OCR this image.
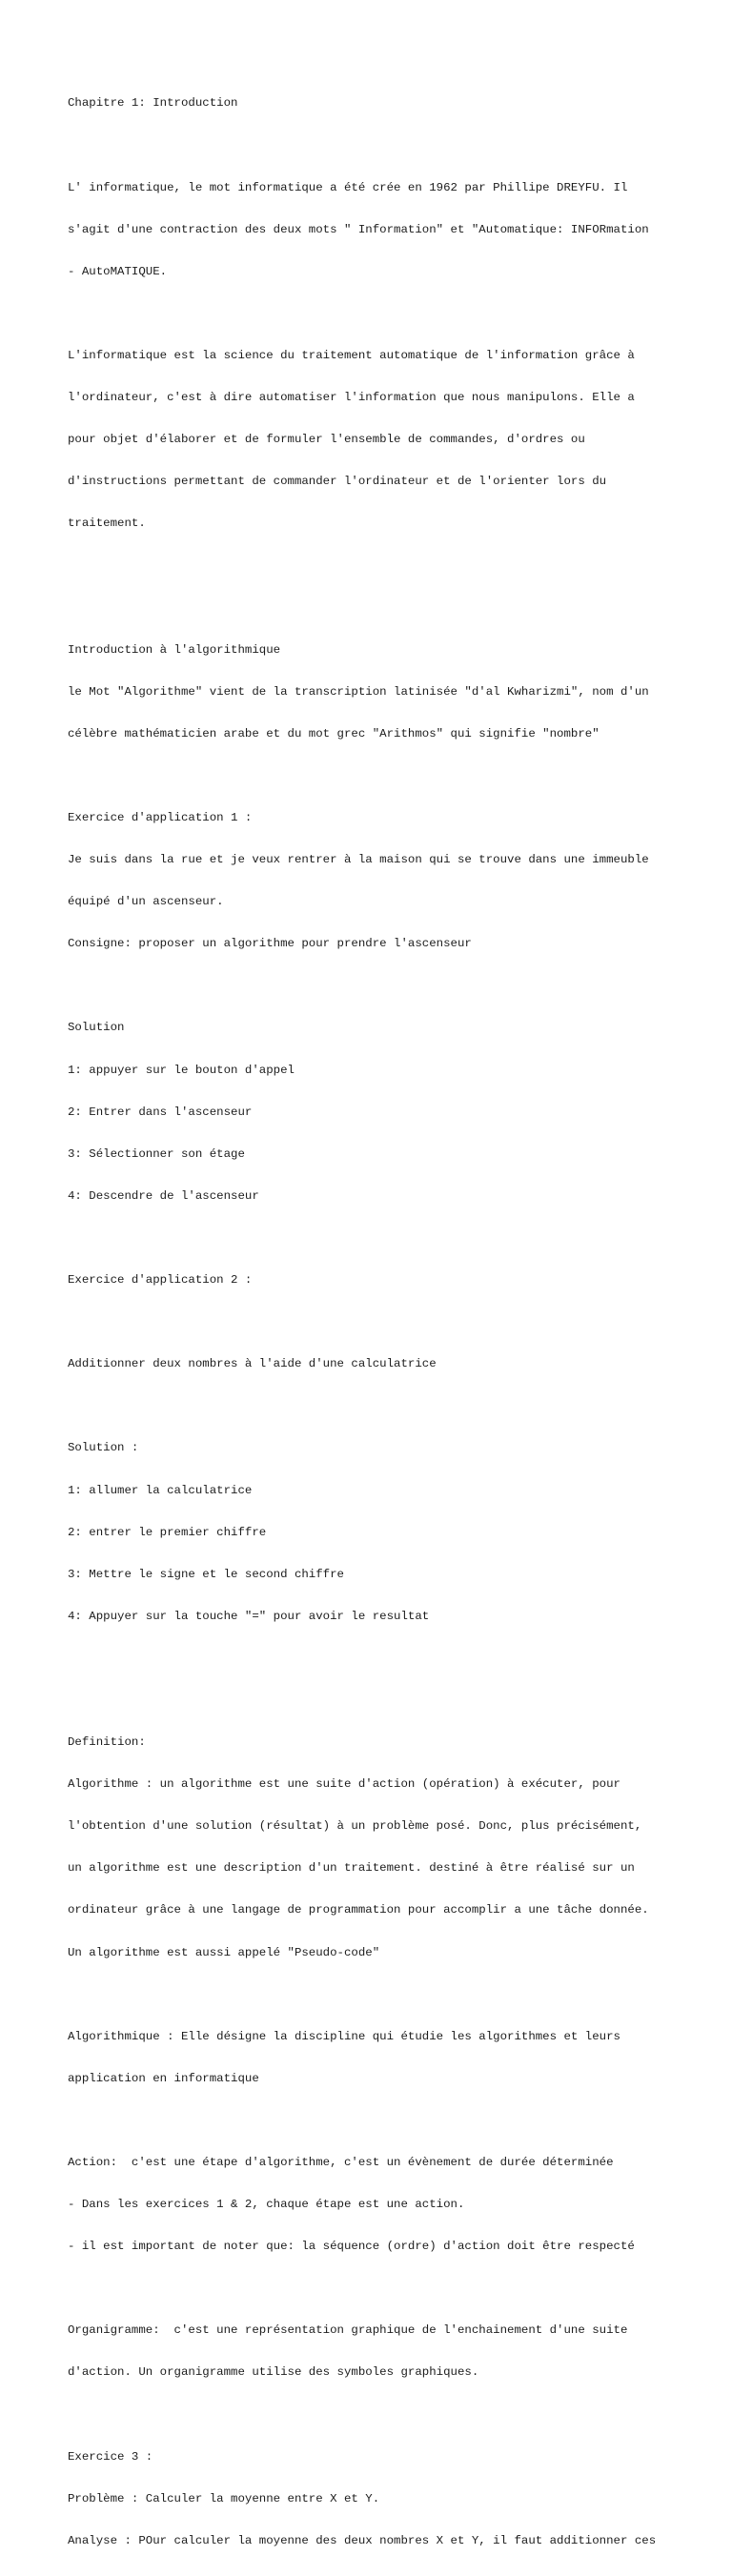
Chapitre 1: Introduction

L' informatique, le mot informatique a été crée en 1962 par Phillipe DREYFU. Il

s'agit d'une contraction des deux mots " Information" et "Automatique: INFORmation

- AutoMATIQUE.

L'informatique est la science du traitement automatique de l'information grâce à

l'ordinateur, c'est à dire automatiser l'information que nous manipulons. Elle a

pour objet d'élaborer et de formuler l'ensemble de commandes, d'ordres ou

d'instructions permettant de commander l'ordinateur et de l'orienter lors du

traitement.

Introduction à l'algorithmique

le Mot "Algorithme" vient de la transcription latinisée "d'al Kwharizmi", nom d'un

célèbre mathématicien arabe et du mot grec "Arithmos" qui signifie "nombre"

Exercice d'application 1 :

Je suis dans la rue et je veux rentrer à la maison qui se trouve dans une immeuble

équipé d'un ascenseur.

Consigne: proposer un algorithme pour prendre l'ascenseur

Solution

1: appuyer sur le bouton d'appel

2: Entrer dans l'ascenseur

3: Sélectionner son étage

4: Descendre de l'ascenseur

Exercice d'application 2 :

Additionner deux nombres à l'aide d'une calculatrice

Solution :

1: allumer la calculatrice

2: entrer le premier chiffre

3: Mettre le signe et le second chiffre

4: Appuyer sur la touche "=" pour avoir le resultat

Definition:

Algorithme : un algorithme est une suite d'action (opération) à exécuter, pour

l'obtention d'une solution (résultat) à un problème posé. Donc, plus précisément,

un algorithme est une description d'un traitement. destiné à être réalisé sur un

ordinateur grâce à une langage de programmation pour accomplir a une tâche donnée.

Un algorithme est aussi appelé "Pseudo-code"

Algorithmique : Elle désigne la discipline qui étudie les algorithmes et leurs

application en informatique

Action:  c'est une étape d'algorithme, c'est un évènement de durée déterminée

- Dans les exercices 1 & 2, chaque étape est une action.

- il est important de noter que: la séquence (ordre) d'action doit être respecté

Organigramme:  c'est une représentation graphique de l'enchainement d'une suite

d'action. Un organigramme utilise des symboles graphiques.

Exercice 3 :

Problème : Calculer la moyenne entre X et Y.

Analyse : POur calculer la moyenne des deux nombres X et Y, il faut additionner ces
